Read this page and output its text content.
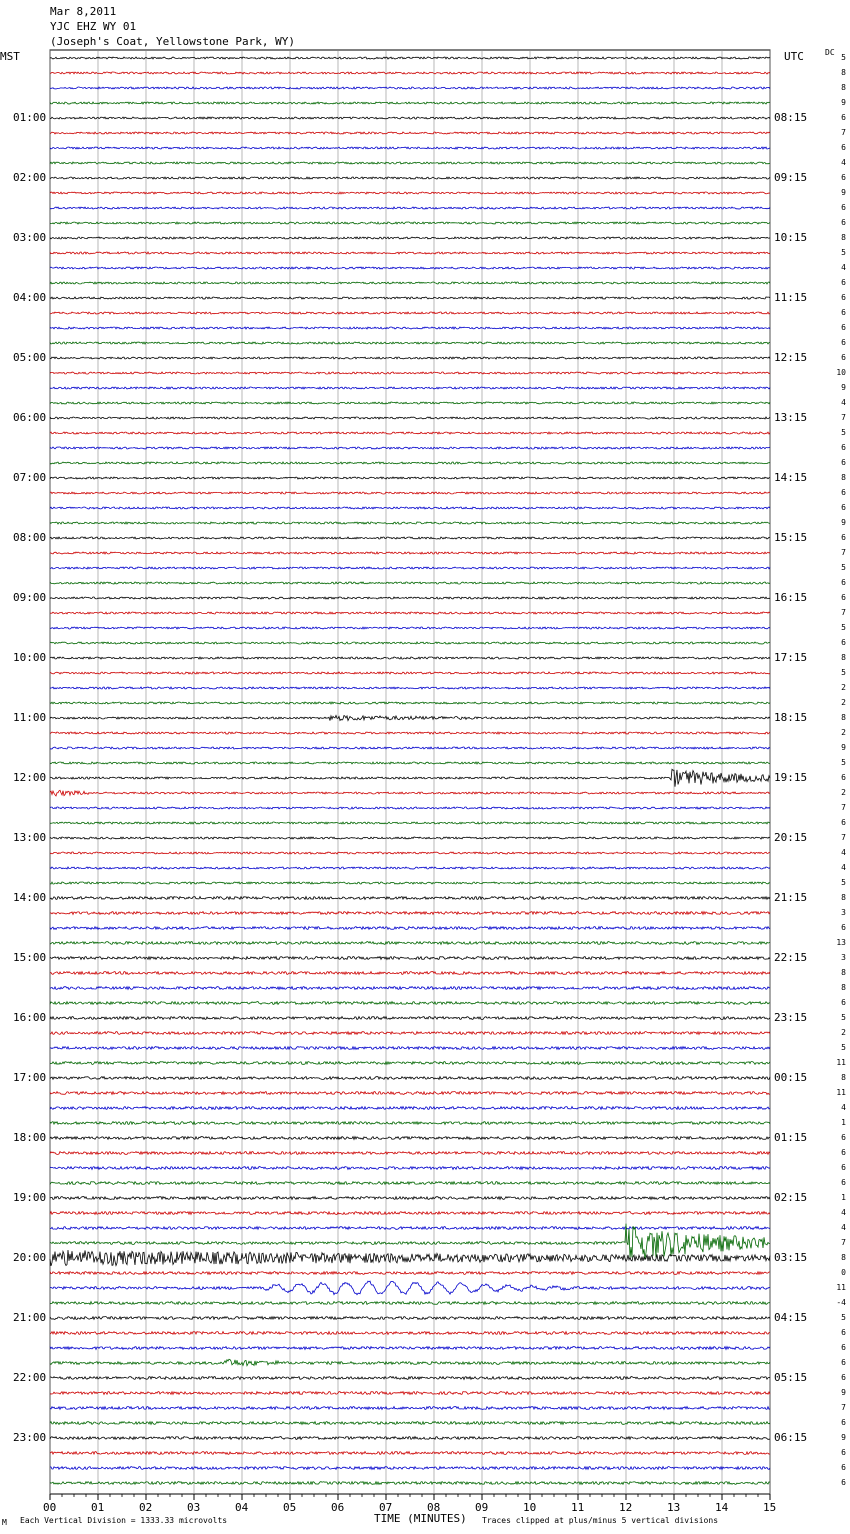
Mar 8,2011
YJC EHZ WY 01
(Joseph's Coat, Yellowstone Park, WY)
MST	UTC	DC
01:00
02:00
03:00
04:00
05:00
06:00
07:00
08:00
09:00
10:00
11:00
12:00
13:00
14:00
15:00
16:00
17:00
18:00
19:00
20:00
21:00
22:00
23:00
08:15
09:15
10:15
11:15
12:15
13:15
14:15
15:15
16:15
17:15
18:15
19:15
20:15
21:15
22:15
23:15
00:15
01:15
02:15
03:15
04:15
05:15
06:15
5
8
8
9
6
7
6
4
6
9
6
6
8
5
4
6
6
6
6
6
6
10
9
4
7
5
6
6
8
6
6
9
6
7
5
6
6
7
5
6
8
5
2
2
8
2
9
5
6
2
7
6
7
4
4
5
8
3
6
13
3
8
8
6
5
2
5
11
8
11
4
1
6
6
6
6
1
4
4
7
8
0
11
-4
5
6
6
6
6
9
7
6
9
6
6
6
00	01	02	03	04	05	06	07	08	09	10	11	12	13	14	15
TIME (MINUTES)
Each Vertical Division = 1333.33 microvolts	Traces clipped at plus/minus 5 vertical divisions
M
